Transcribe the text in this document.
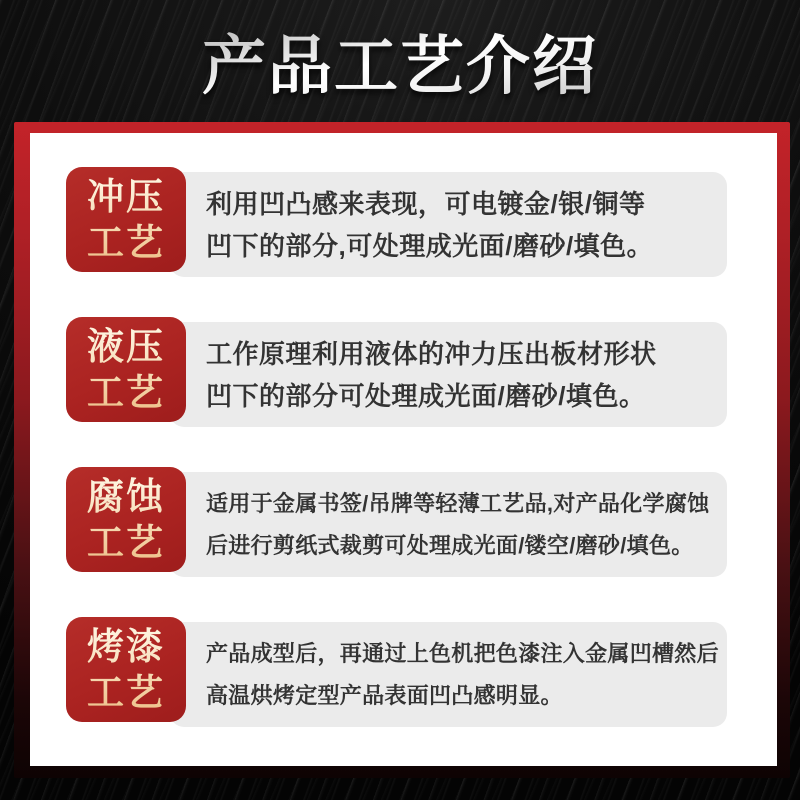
产品工艺介绍
冲压
工艺
利用凹凸感来表现，可电镀金/银/铜等
凹下的部分,可处理成光面/磨砂/填色。
液压
工艺
工作原理利用液体的冲力压出板材形状
凹下的部分可处理成光面/磨砂/填色。
腐蚀
工艺
适用于金属书签/吊牌等轻薄工艺品,对产品化学腐蚀
后进行剪纸式裁剪可处理成光面/镂空/磨砂/填色。
烤漆
工艺
产品成型后，再通过上色机把色漆注入金属凹槽然后
高温烘烤定型产品表面凹凸感明显。
